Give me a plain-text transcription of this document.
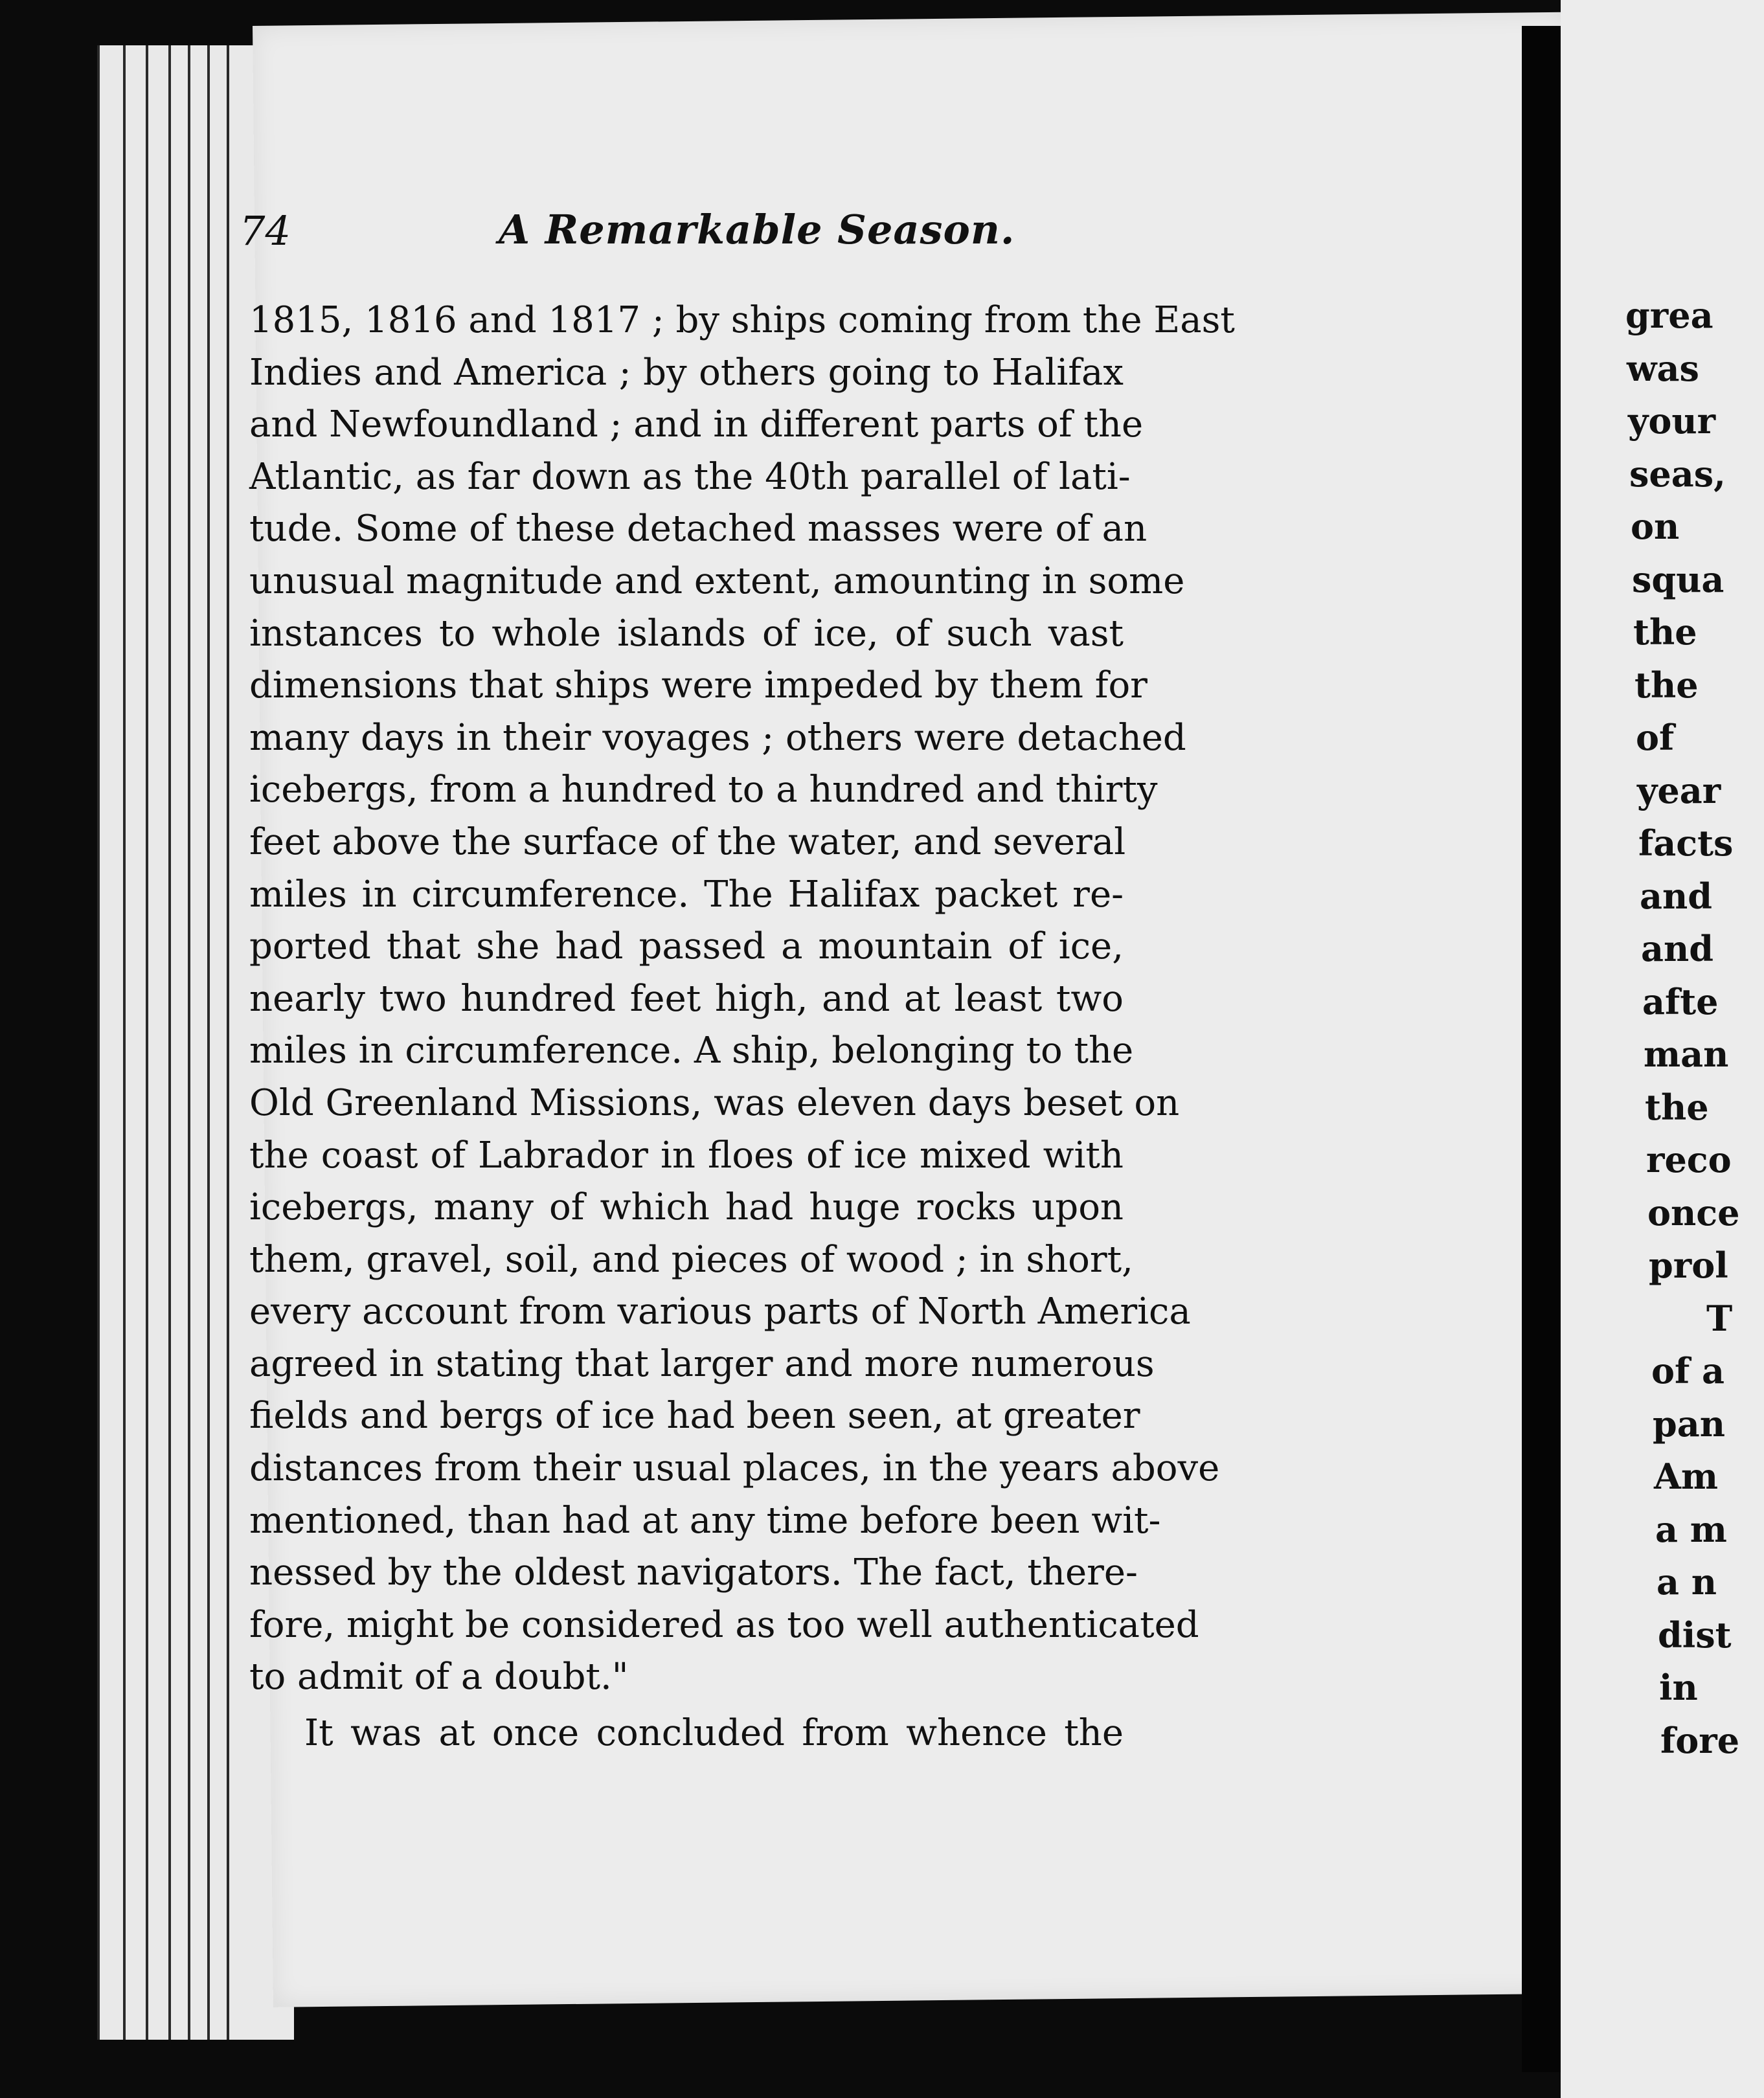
grea
was
your
seas,
on
squa
the
the
of
year
facts
and
and
afte
man
the
reco
once
prol
T
of a
pan
Am
a m
a n
dist
in
fore
74	A Remarkable Season.
1815, 1816 and 1817 ; by ships coming from the East
Indies and America ; by others going to Halifax
and Newfoundland ; and in different parts of the
Atlantic, as far down as the 40th parallel of lati-
tude. Some of these detached masses were of an
unusual magnitude and extent, amounting in some
instances to whole islands of ice, of such vast
dimensions that ships were impeded by them for
many days in their voyages ; others were detached
icebergs, from a hundred to a hundred and thirty
feet above the surface of the water, and several
miles in circumference. The Halifax packet re-
ported that she had passed a mountain of ice,
nearly two hundred feet high, and at least two
miles in circumference. A ship, belonging to the
Old Greenland Missions, was eleven days beset on
the coast of Labrador in floes of ice mixed with
icebergs, many of which had huge rocks upon
them, gravel, soil, and pieces of wood ; in short,
every account from various parts of North America
agreed in stating that larger and more numerous
fields and bergs of ice had been seen, at greater
distances from their usual places, in the years above
mentioned, than had at any time before been wit-
nessed by the oldest navigators. The fact, there-
fore, might be considered as too well authenticated
to admit of a doubt."
It was at once concluded from whence the
